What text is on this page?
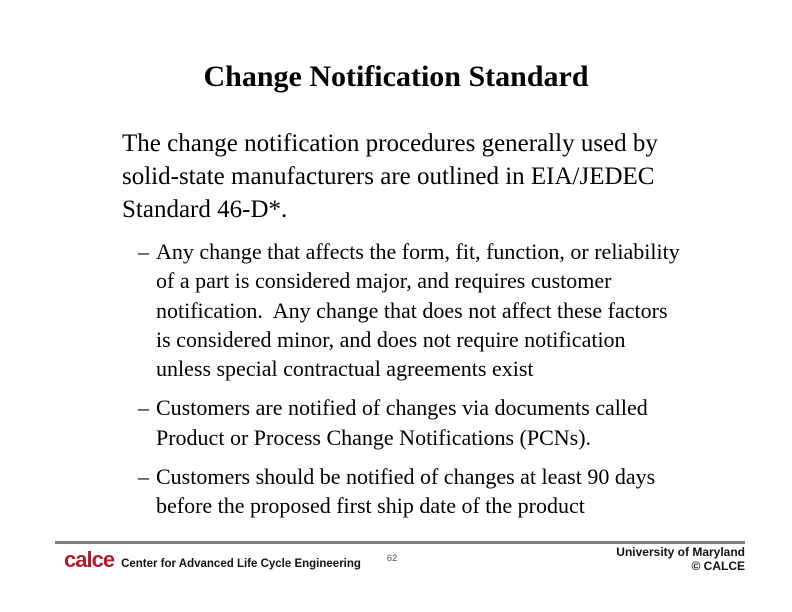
Change Notification Standard
The change notification procedures generally used by solid-state manufacturers are outlined in EIA/JEDEC Standard 46-D*.
– Any change that affects the form, fit, function, or reliability of a part is considered major, and requires customer notification.  Any change that does not affect these factors is considered minor, and does not require notification unless special contractual agreements exist
– Customers are notified of changes via documents called Product or Process Change Notifications (PCNs).
– Customers should be notified of changes at least 90 days before the proposed first ship date of the product
calce Center for Advanced Life Cycle Engineering	62	University of Maryland
© CALCE
